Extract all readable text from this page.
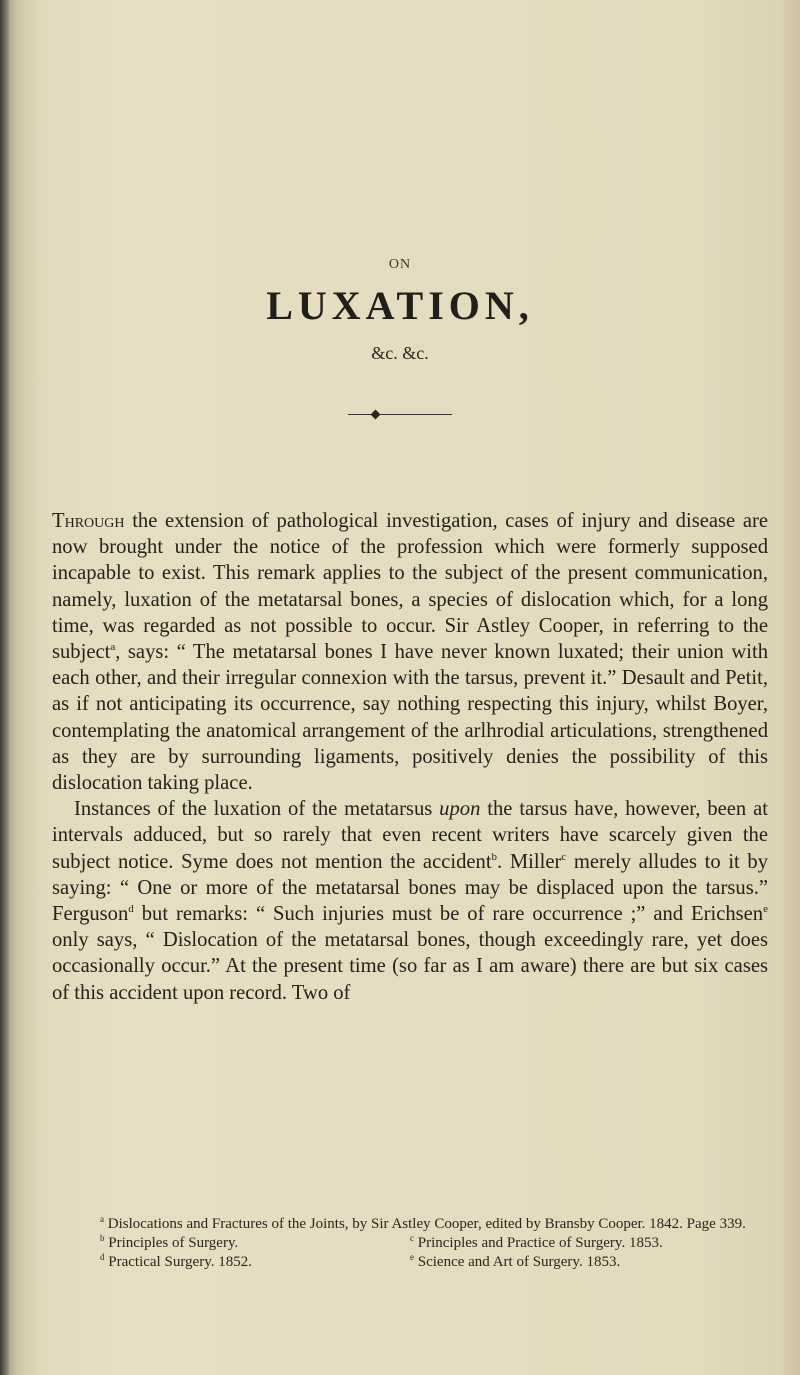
ON
LUXATION,
&c. &c.

Through the extension of pathological investigation, cases of injury and disease are now brought under the notice of the profession which were formerly supposed incapable to exist. This remark applies to the subject of the present communication, namely, luxation of the metatarsal bones, a species of dislocation which, for a long time, was regarded as not possible to occur. Sir Astley Cooper, in referring to the subject$^a$, says: “ The metatarsal bones I have never known luxated; their union with each other, and their irregular connexion with the tarsus, prevent it.” Desault and Petit, as if not anticipating its occurrence, say nothing respecting this injury, whilst Boyer, contemplating the anatomical arrangement of the arlhrodial articulations, strengthened as they are by surrounding ligaments, positively denies the possibility of this dislocation taking place.

Instances of the luxation of the metatarsus upon the tarsus have, however, been at intervals adduced, but so rarely that even recent writers have scarcely given the subject notice. Syme does not mention the accident$^b$. Miller$^c$ merely alludes to it by saying: “ One or more of the metatarsal bones may be displaced upon the tarsus.” Ferguson$^d$ but remarks: “ Such injuries must be of rare occurrence ;” and Erichsen$^e$ only says, “ Dislocation of the metatarsal bones, though exceedingly rare, yet does occasionally occur.” At the present time (so far as I am aware) there are but six cases of this accident upon record. Two of

$^a$ Dislocations and Fractures of the Joints, by Sir Astley Cooper, edited by Bransby Cooper. 1842. Page 339.

$^b$ Principles of Surgery.	$^c$ Principles and Practice of Surgery. 1853.
$^d$ Practical Surgery. 1852.	$^e$ Science and Art of Surgery. 1853.
